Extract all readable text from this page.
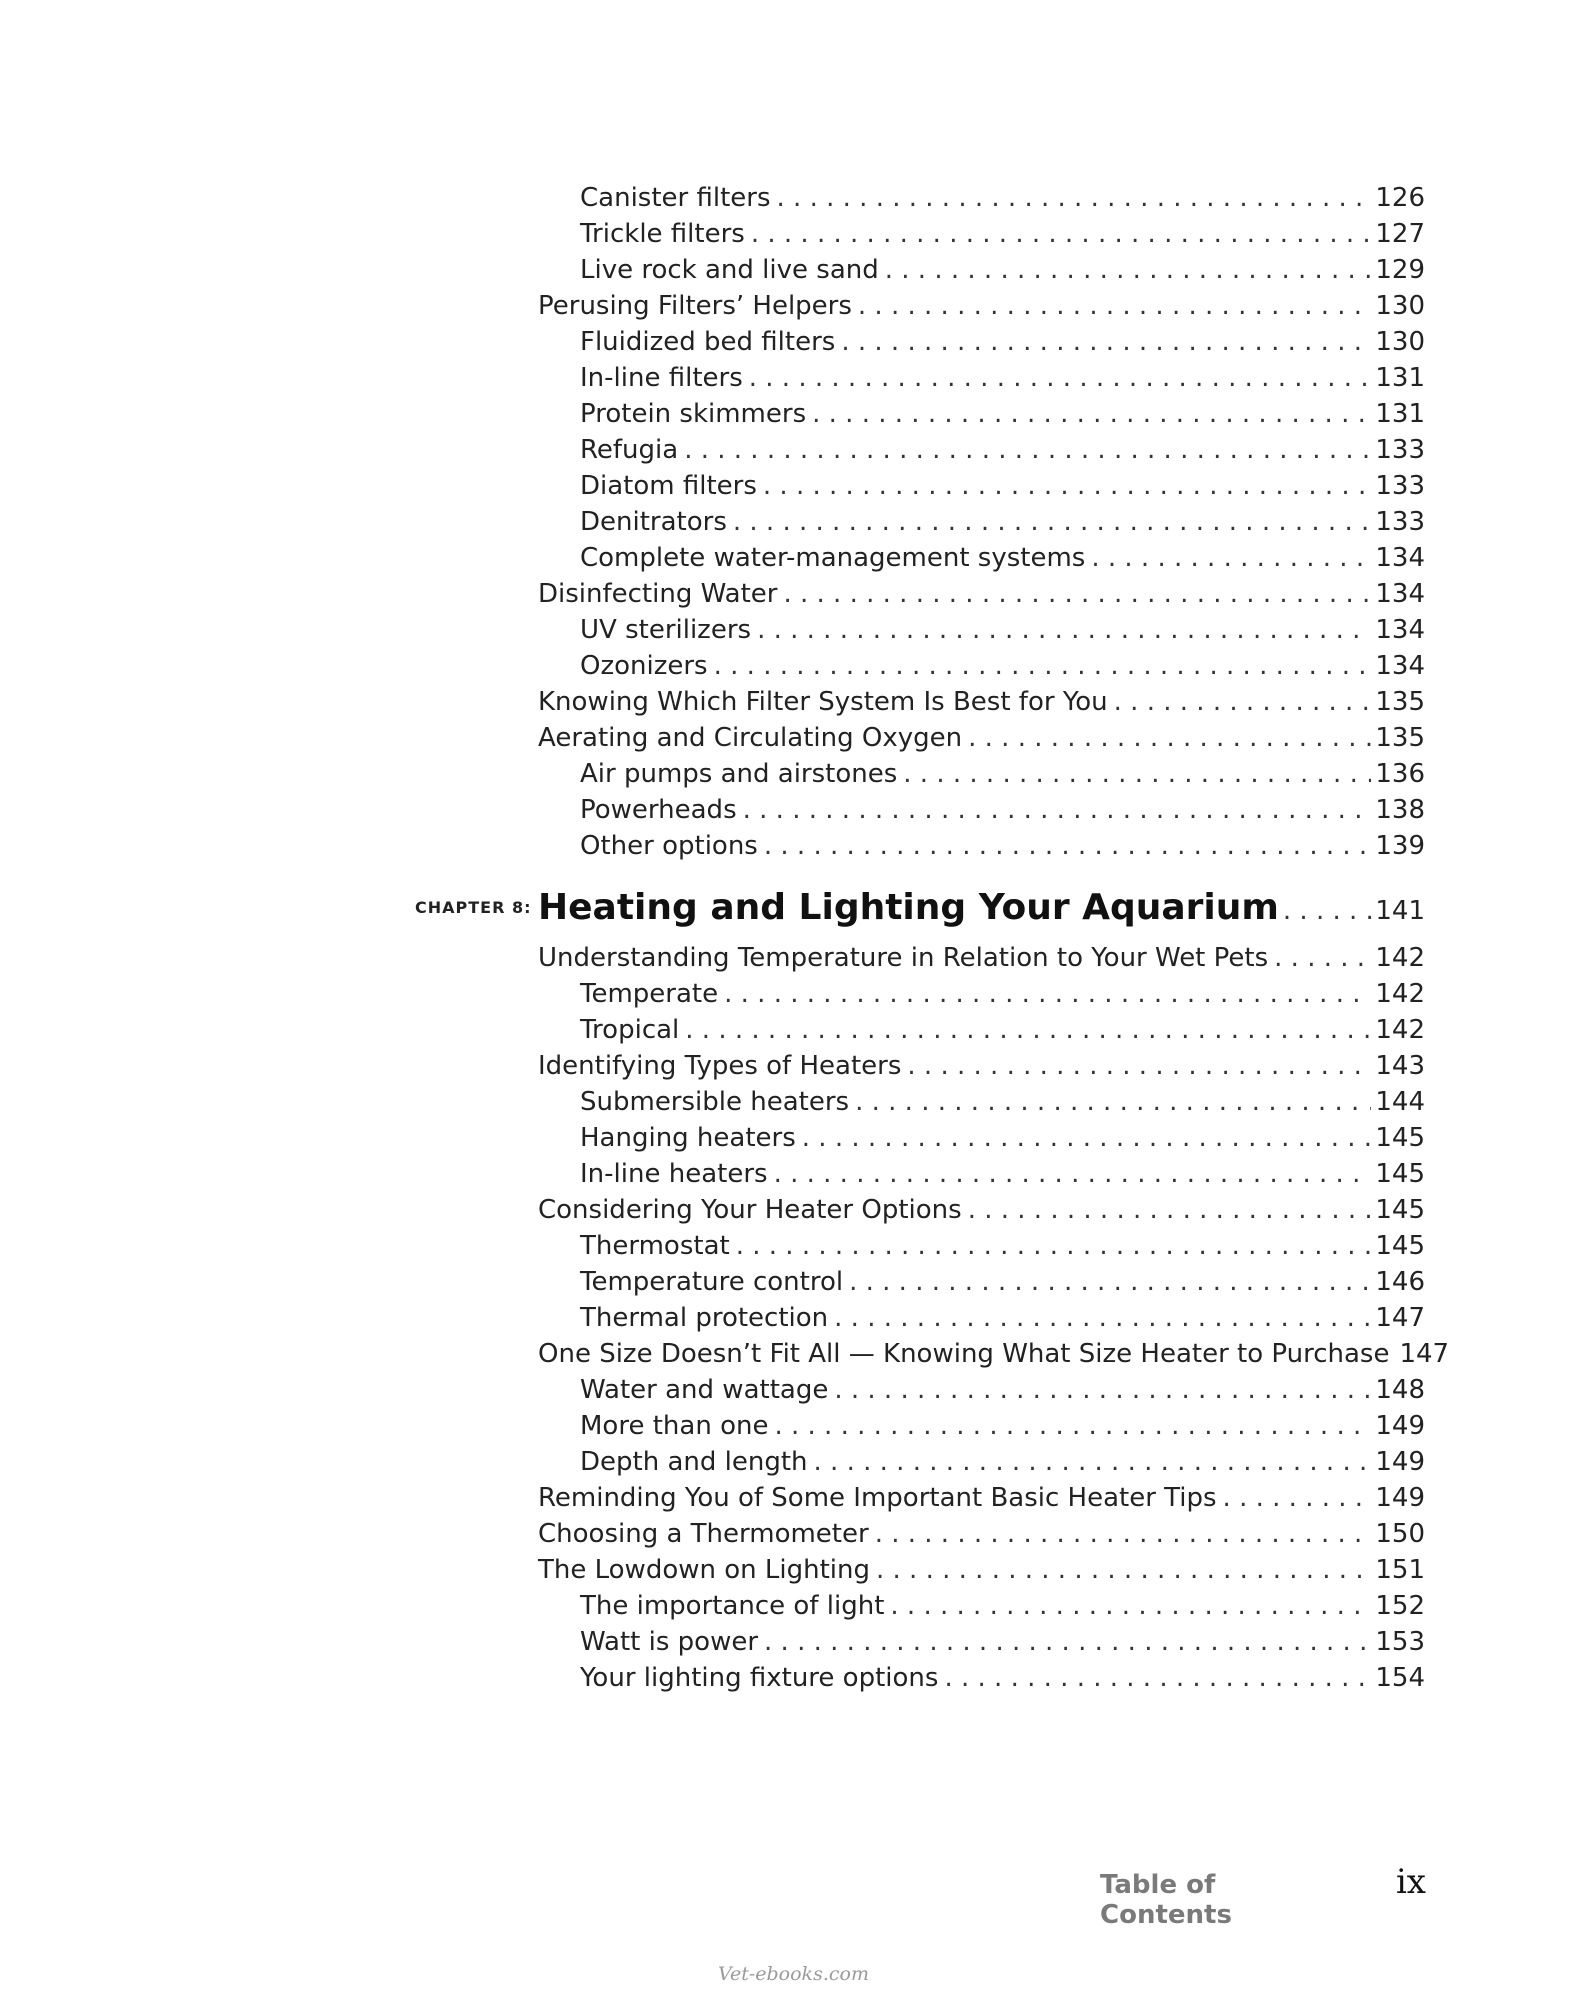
Canister filters . . .	126
Trickle filters . . .	127
Live rock and live sand . . .	129
Perusing Filters’ Helpers . . .	130
Fluidized bed filters . . .	130
In-line filters . . .	131
Protein skimmers . . .	131
Refugia . . .	133
Diatom filters . . .	133
Denitrators . . .	133
Complete water-management systems . . .	134
Disinfecting Water . . .	134
UV sterilizers . . .	134
Ozonizers . . .	134
Knowing Which Filter System Is Best for You . . .	135
Aerating and Circulating Oxygen . . .	135
Air pumps and airstones . . .	136
Powerheads . . .	138
Other options . . .	139
CHAPTER 8: Heating and Lighting Your Aquarium . . .	141
Understanding Temperature in Relation to Your Wet Pets . . .	142
Temperate . . .	142
Tropical . . .	142
Identifying Types of Heaters . . .	143
Submersible heaters . . .	144
Hanging heaters . . .	145
In-line heaters . . .	145
Considering Your Heater Options . . .	145
Thermostat . . .	145
Temperature control . . .	146
Thermal protection . . .	147
One Size Doesn’t Fit All — Knowing What Size Heater to Purchase 147
Water and wattage . . .	148
More than one . . .	149
Depth and length . . .	149
Reminding You of Some Important Basic Heater Tips . . .	149
Choosing a Thermometer . . .	150
The Lowdown on Lighting . . .	151
The importance of light . . .	152
Watt is power . . .	153
Your lighting fixture options . . .	154
Table of Contents
ix
Vet-ebooks.com
